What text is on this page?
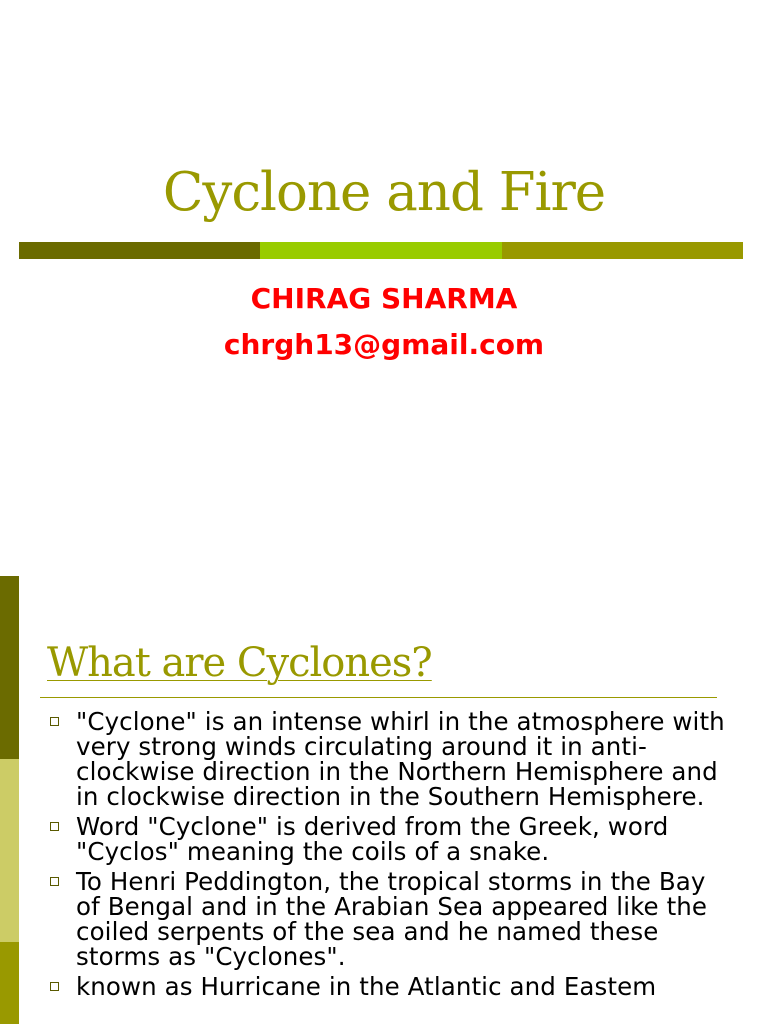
Cyclone and Fire
CHIRAG SHARMA
chrgh13@gmail.com
What are Cyclones?
"Cyclone" is an intense whirl in the atmosphere with very strong winds circulating around it in anti-clockwise direction in the Northern Hemisphere and in clockwise direction in the Southern Hemisphere.
Word "Cyclone" is derived from the Greek, word "Cyclos" meaning the coils of a snake.
To Henri Peddington, the tropical storms in the Bay of Bengal and in the Arabian Sea appeared like the coiled serpents of the sea and he named these storms as "Cyclones".
known as Hurricane in the Atlantic and Eastem
